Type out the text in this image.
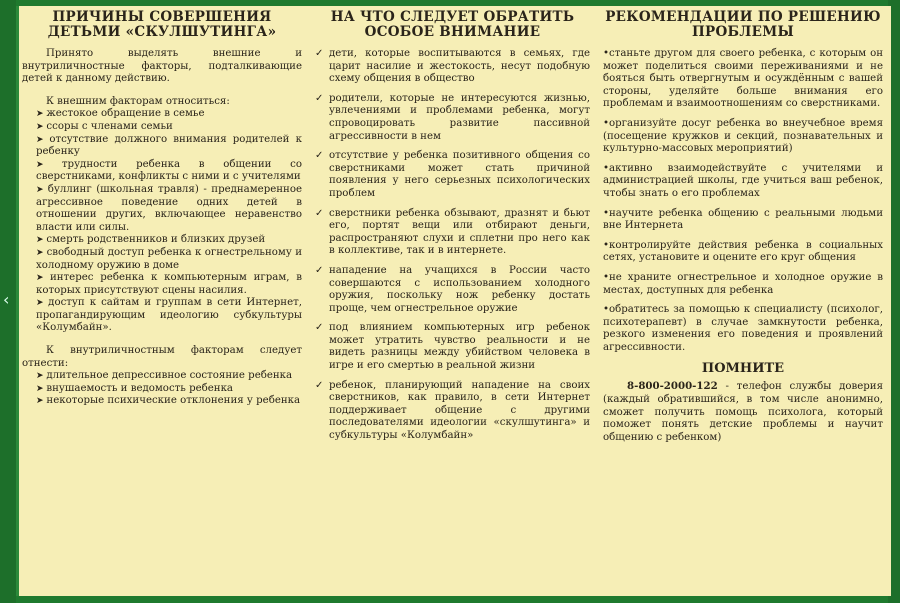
‹
ПРИЧИНЫ СОВЕРШЕНИЯ ДЕТЬМИ «СКУЛШУТИНГА»

Принято выделять внешние и внутриличностные факторы, подталкивающие детей к данному действию.

К внешним факторам относиться:

➤ жестокое обращение в семье

➤ ссоры с членами семьи

➤ отсутствие должного внимания родителей к ребенку

➤ трудности ребенка в общении со сверстниками, конфликты с ними и с учителями

➤ буллинг (школьная травля) - преднамеренное агрессивное поведение одних детей в отношении других, включающее неравенство власти или силы.

➤ смерть родственников и близких друзей

➤ свободный доступ ребенка к огнестрельному и холодному оружию в доме

➤ интерес ребенка к компьютерным играм, в которых присутствуют сцены насилия.

➤ доступ к сайтам и группам в сети Интернет, пропагандирующим идеологию субкультуры «Колумбайн».

К внутриличностным факторам следует отнести:

➤ длительное депрессивное состояние ребенка

➤ внушаемость и ведомость ребенка

➤ некоторые психические отклонения у ребенка

НА ЧТО СЛЕДУЕТ ОБРАТИТЬ ОСОБОЕ ВНИМАНИЕ

✓ дети, которые воспитываются в семьях, где царит насилие и жестокость, несут подобную схему общения в общество

✓ родители, которые не интересуются жизнью, увлечениями и проблемами ребенка, могут спровоцировать развитие пассивной агрессивности в нем

✓ отсутствие у ребенка позитивного общения со сверстниками может стать причиной появления у него серьезных психологических проблем

✓ сверстники ребенка обзывают, дразнят и бьют его, портят вещи или отбирают деньги, распространяют слухи и сплетни про него как в коллективе, так и в интернете.

✓ нападение на учащихся в России часто совершаются с использованием холодного оружия, поскольку нож ребенку достать проще, чем огнестрельное оружие

✓ под влиянием компьютерных игр ребенок может утратить чувство реальности и не видеть разницы между убийством человека в игре и его смертью в реальной жизни

✓ ребенок, планирующий нападение на своих сверстников, как правило, в сети Интернет поддерживает общение с другими последователями идеологии «скулшутинга» и субкультуры «Колумбайн»

РЕКОМЕНДАЦИИ ПО РЕШЕНИЮ ПРОБЛЕМЫ

•станьте другом для своего ребенка, с которым он может поделиться своими переживаниями и не бояться быть отвергнутым и осуждённым с вашей стороны, уделяйте больше внимания его проблемам и взаимоотношениям со сверстниками.

•организуйте досуг ребенка во внеучебное время (посещение кружков и секций, познавательных и культурно-массовых мероприятий)

•активно взаимодействуйте с учителями и администрацией школы, где учиться ваш ребенок, чтобы знать о его проблемах

•научите ребенка общению с реальными людьми вне Интернета

•контролируйте действия ребенка в социальных сетях, установите и оцените его круг общения

•не храните огнестрельное и холодное оружие в местах, доступных для ребенка

•обратитесь за помощью к специалисту (психолог, психотерапевт) в случае замкнутости ребенка, резкого изменения его поведения и проявлений агрессивности.

ПОМНИТЕ

8-800-2000-122 - телефон службы доверия (каждый обратившийся, в том числе анонимно, сможет получить помощь психолога, который поможет понять детские проблемы и научит общению с ребенком)
